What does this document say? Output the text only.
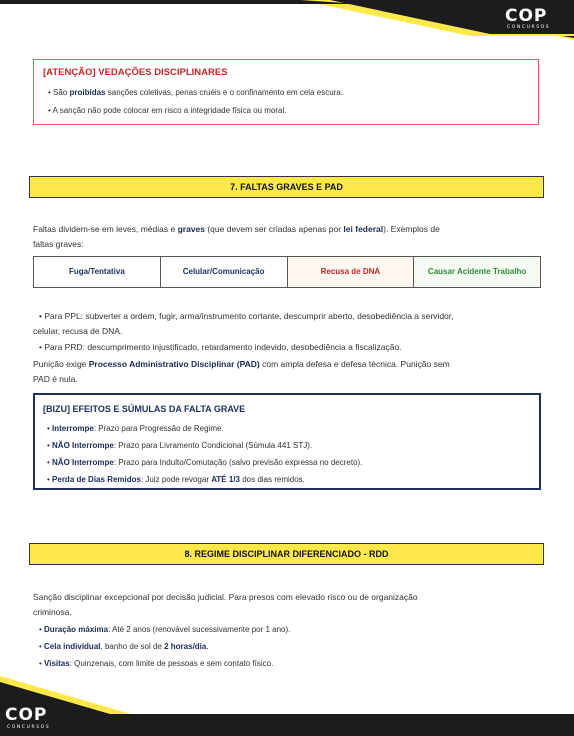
COP
CONCURSOS
[ATENÇÃO] VEDAÇÕES DISCIPLINARES
• São proibidas sanções coletivas, penas cruéis e o confinamento em cela escura.
• A sanção não pode colocar em risco a integridade física ou moral.
7. FALTAS GRAVES E PAD
Faltas dividem-se em leves, médias e graves (que devem ser criadas apenas por lei federal). Exemplos de
faltas graves:
Fuga/Tentativa	Celular/Comunicação	Recusa de DNA	Causar Acidente Trabalho
• Para PPL: subverter a ordem, fugir, arma/instrumento cortante, descumprir aberto, desobediência a servidor,
celular, recusa de DNA.
• Para PRD: descumprimento injustificado, retardamento indevido, desobediência a fiscalização.
Punição exige Processo Administrativo Disciplinar (PAD) com ampla defesa e defesa técnica. Punição sem
PAD é nula.
[BIZU] EFEITOS E SÚMULAS DA FALTA GRAVE
• Interrompe: Prazo para Progressão de Regime.
• NÃO Interrompe: Prazo para Livramento Condicional (Súmula 441 STJ).
• NÃO Interrompe: Prazo para Indulto/Comutação (salvo previsão expressa no decreto).
• Perda de Dias Remidos: Juiz pode revogar ATÉ 1/3 dos dias remidos.
8. REGIME DISCIPLINAR DIFERENCIADO - RDD
Sanção disciplinar excepcional por decisão judicial. Para presos com elevado risco ou de organização
criminosa.
• Duração máxima: Até 2 anos (renovável sucessivamente por 1 ano).
• Cela individual, banho de sol de 2 horas/dia.
• Visitas: Quinzenais, com limite de pessoas e sem contato físico.
COP
CONCURSOS
